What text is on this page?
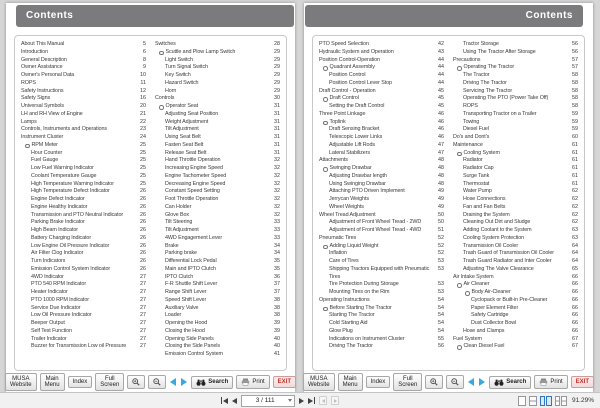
Contents
About This Manual	5
Introduction	6
General Description	8
Owner Assistance	9
Owner's Personal Data	10
ROPS	11
Safety Instructions	12
Safety Signs	16
Universal Symbols	20
LH and RH View of Engine	21
Lamps	22
Controls, Instruments and Operations	23
Instrument Cluster	24
RPM Meter	25
Hour Counter	25
Fuel Gauge	25
Low Fuel Warning Indicator	25
Coolant Temperature Gauge	25
High Temperature Warning Indicator	25
High Temperature Defect Indicator	26
Engine Defect Indicator	26
Engine Healthy Indicator	26
Transmission and PTO Neutral Indicator	26
Parking Brake Indicator	26
High Beam Indicator	26
Battery Charging Indicator	26
Low Engine Oil Pressure Indicator	26
Air Filter Clog Indicator	26
Turn Indicators	26
Emission Control System Indicator	26
4WD Indicator	27
PTO 540 RPM Indicator	27
Heater Indicator	27
PTO 1000 RPM Indicator	27
Service Due Indicator	27
Low Oil Pressure Indicator	27
Beeper Output	27
Self Test Function	27
Trailer Indicator	27
Buzzer for Transmission Low oil Pressure	27
Switches	28
Scuttle and Plow Lamp Switch	29
Light Switch	29
Turn Signal Switch	29
Key Switch	29
Hazard Switch	29
Horn	29
Controls	30
Operator Seat	31
Adjusting Seat Position	31
Weight Adjustment	31
Tilt Adjustment	31
Using Seat Belt	31
Fasten Seat Belt	31
Release Seat Belt	31
Hand Throttle Operation	32
Increasing Engine Speed	32
Engine Tachometer Speed	32
Decreasing Engine Speed	32
Constant Speed Setting	32
Foot Throttle Operation	32
Can Holder	32
Glove Box	32
Tilt Steering	33
Tilt Adjustment	33
4WD Engagement Lever	33
Brake	34
Parking brake	34
Differential Lock Pedal	35
Main and IPTO Clutch	35
IPTO Clutch	36
F-R Shuttle Shift Lever	37
Range Shift Lever	37
Speed Shift Lever	38
Auxiliary Valve	38
Loader	38
Opening the Hood	39
Closing the Hood	39
Opening Side Panels	40
Closing the Side Panels	40
Emission Control System	41
MUSA Website
Main Menu	Index	Full Screen	Search	Print	EXIT
Contents
PTO Speed Selection	42
Hydraulic System and Operation	43
Position Control-Operation	44
Quadrant Assembly	44
Position Control	44
Position Control Lever Stop	44
Draft Control - Operation	45
Draft Control	45
Setting the Draft Control	45
Three Point Linkage	46
Toplink	46
Draft Sensing Bracket	46
Telescopic Lower Links	46
Adjustable Lift Rods	47
Lateral Stabilizers	47
Attachments	48
Swinging Drawbar	48
Adjusting Drawbar length	48
Using Swinging Drawbar	48
Attaching PTO Driven Implement	49
Jerrycan Weights	49
Wheel Weights	49
Wheel Tread Adjustment	50
Adjustment of Front Wheel Tread - 2WD	50
Adjustment of Front Wheel Tread - 4WD	51
Pneumatic Tires	52
Adding Liquid Weight	52
Inflation	52
Care of Tires	53
Shipping Tractors Equipped with Pneumatic Tires
53
Tire Protection During Storage	53
Mounting Tires on the Rim	53
Operating Instructions	54
Before Starting The Tractor	54
Starting The Tractor	54
Cold Starting Aid	54
Glow Plug	54
Indications on Instrument Cluster	55
Driving The Tractor	56
Tractor Storage	56
Using The Tractor After Storage	56
Precautions	57
Operating The Tractor	57
The Tractor	58
Driving The Tractor	58
Servicing The Tractor	58
Operating The PTO (Power Take Off)	58
ROPS	58
Transporting Tractor on a Trailer	59
Towing	59
Diesel Fuel	59
Do's and Dont's	60
Maintenance	61
Cooling System	61
Radiator	61
Radiator Cap	61
Surge Tank	61
Thermostat	61
Water Pump	62
Hose Connections	62
Fan and Fan Belts	62
Draining the System	62
Cleaning Out Dirt and Sludge	62
Adding Coolant to the System	63
Cooling System Protection	63
Transmission Oil Cooler	64
Trash Guard of Transmission Oil Cooler	64
Trash Guard Radiator and Inter Cooler	64
Adjusting The Valve Clearance	65
Air Intake System	66
Air Cleaner	66
Body Air-Cleaner	66
Cyclopack or Built-in Pre-Cleaner	66
Paper Element Filter	66
Safety Cartridge	66
Dust Collector Bowl	66
Hose and Clamps	66
Fuel System	67
Clean Diesel Fuel	67
MUSA Website
Main Menu	Index	Full Screen	Search	Print	EXIT
3 / 111	91.29%
